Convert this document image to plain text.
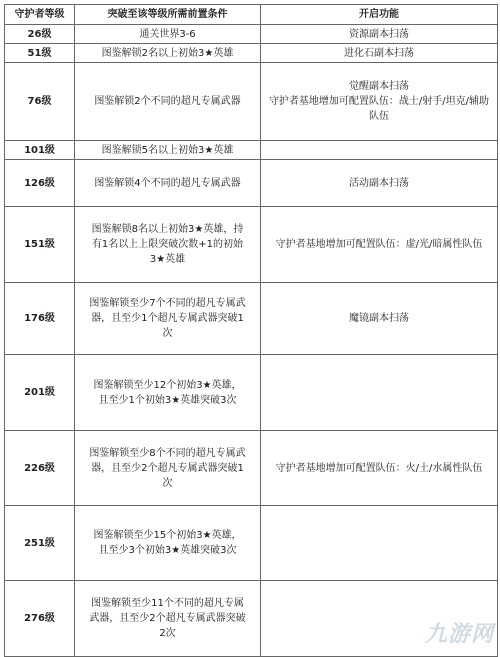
守护者等级	突破至该等级所需前置条件	开启功能
26级	通关世界3-6	资源副本扫荡
51级	图鉴解锁2名以上初始3★英雄	进化石副本扫荡
76级	图鉴解锁2个不同的超凡专属武器	觉醒副本扫荡
守护者基地增加可配置队伍：战士/射手/坦克/辅助队伍
101级	图鉴解锁5名以上初始3★英雄	
126级	图鉴解锁4个不同的超凡专属武器	活动副本扫荡
151级	图鉴解锁8名以上初始3★英雄，持有1名以上上限突破次数+1的初始3★英雄	守护者基地增加可配置队伍：虚/光/暗属性队伍
176级	图鉴解锁至少7个不同的超凡专属武器，且至少1个超凡专属武器突破1次	魔镜副本扫荡
201级	图鉴解锁至少12个初始3★英雄，且至少1个初始3★英雄突破3次	
226级	图鉴解锁至少8个不同的超凡专属武器，且至少2个超凡专属武器突破1次	守护者基地增加可配置队伍：火/土/水属性队伍
251级	图鉴解锁至少15个初始3★英雄，且至少3个初始3★英雄突破3次	
276级	图鉴解锁至少11个不同的超凡专属武器，且至少2个超凡专属武器突破2次		九游网
